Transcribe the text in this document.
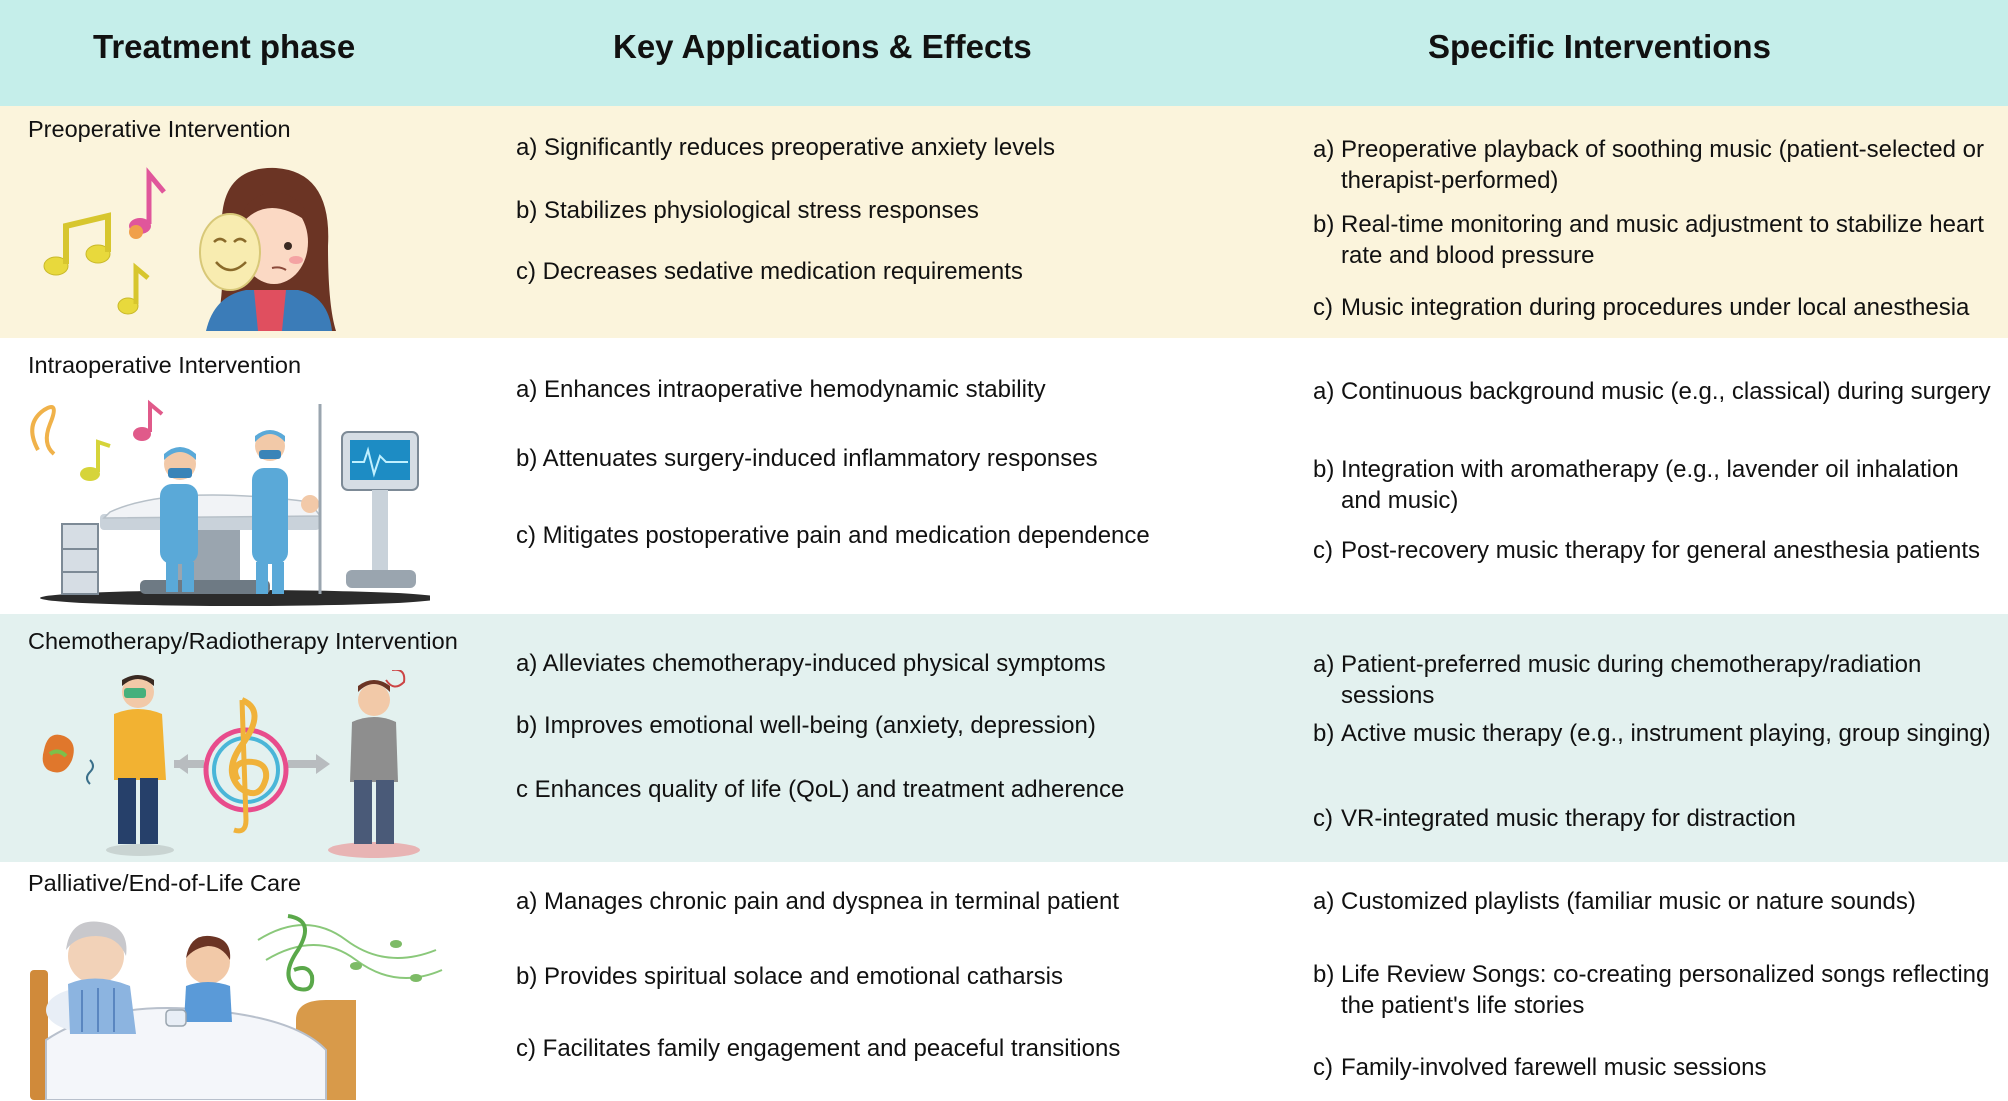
Treatment phase	Key Applications & Effects	Specific Interventions
Preoperative Intervention
a) Significantly reduces preoperative anxiety levels
b) Stabilizes physiological stress responses
c) Decreases sedative medication requirements
a) Preoperative playback of soothing music (patient-selected or therapist-performed)
b) Real-time monitoring and music adjustment to stabilize heart rate and blood pressure
c) Music integration during procedures under local anesthesia
Intraoperative Intervention
a) Enhances intraoperative hemodynamic stability
b) Attenuates surgery-induced inflammatory responses
c) Mitigates postoperative pain and medication dependence
a) Continuous background music (e.g., classical) during surgery
b) Integration with aromatherapy (e.g., lavender oil inhalation and music)
c) Post-recovery music therapy for general anesthesia patients
Chemotherapy/Radiotherapy Intervention
a) Alleviates chemotherapy-induced physical symptoms
b) Improves emotional well-being (anxiety, depression)
c Enhances quality of life (QoL) and treatment adherence
a) Patient-preferred music during chemotherapy/radiation sessions
b) Active music therapy (e.g., instrument playing, group singing)
c) VR-integrated music therapy for distraction
Palliative/End-of-Life Care
a) Manages chronic pain and dyspnea in terminal patient
b) Provides spiritual solace and emotional catharsis
c) Facilitates family engagement and peaceful transitions
a) Customized playlists (familiar music or nature sounds)
b) Life Review Songs: co-creating personalized songs reflecting the patient's life stories
c) Family-involved farewell music sessions
